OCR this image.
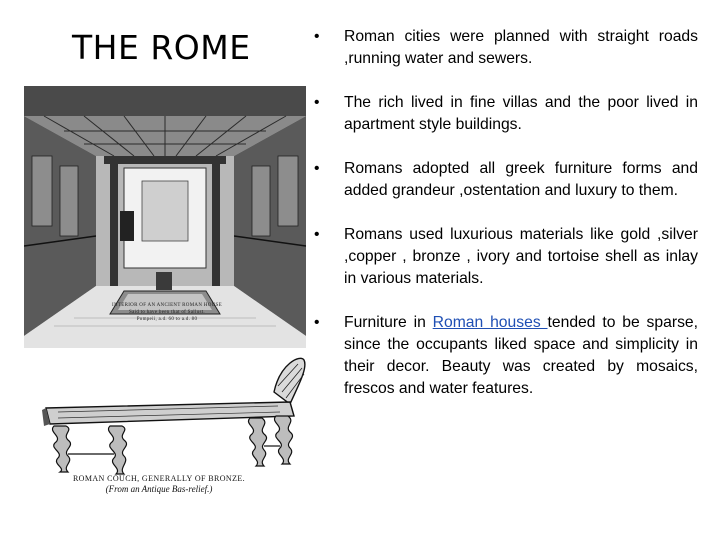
THE ROME
INTERIOR OF AN ANCIENT ROMAN HOUSE
Said to have been that of Sallust.
Pompeii, a.d. 60 to a.d. 80
ROMAN COUCH, GENERALLY OF BRONZE.
(From an Antique Bas-relief.)
•	Roman cities were planned with straight roads ,running water and sewers.

•	The rich lived in fine villas and the poor lived in apartment style buildings.

•	Romans adopted all greek furniture forms and   added grandeur ,ostentation and luxury to them.

•	Romans used luxurious materials like gold ,silver ,copper , bronze , ivory and tortoise shell as inlay in various materials.

•	Furniture in Roman houses tended to be sparse, since the occupants liked space and simplicity in their decor. Beauty was created by mosaics, frescos and water features.
